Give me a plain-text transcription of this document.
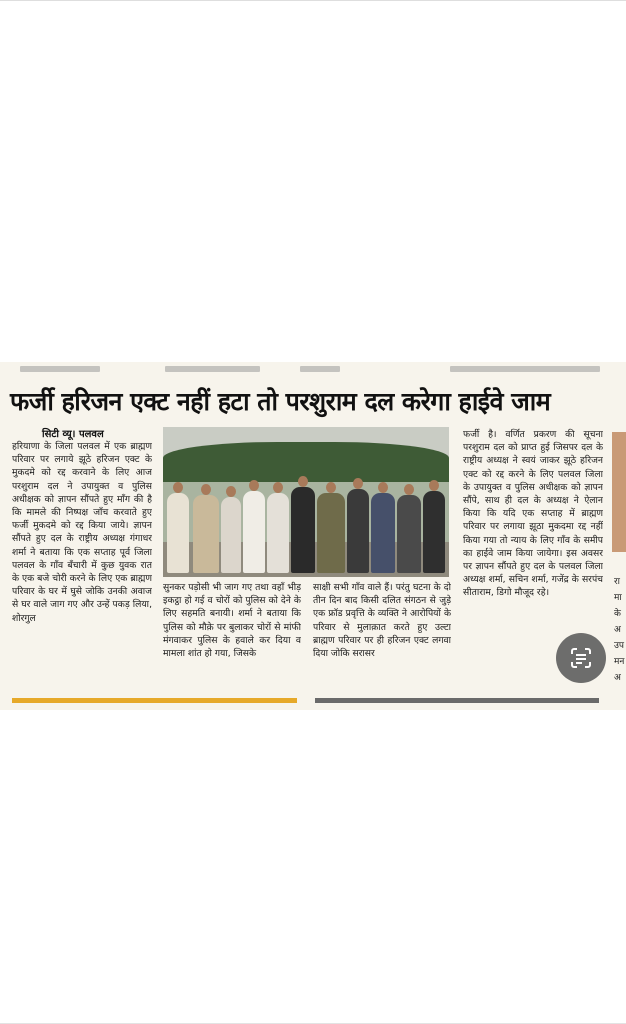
फर्जी हरिजन एक्ट नहीं हटा तो परशुराम दल करेगा हाईवे जाम
सिटी व्यू। पलवल

हरियाणा के जिला पलवल में एक ब्राह्मण परिवार पर लगाये झूठे हरिजन एक्ट के मुकदमे को रद्द करवाने के लिए आज परशुराम दल ने उपायुक्त व पुलिस अधीक्षक को ज्ञापन सौंपते हुए माँग की है कि मामले की निष्पक्ष जाँच करवाते हुए फर्जी मुकदमे को रद्द किया जाये। ज्ञापन सौंपते हुए दल के राष्ट्रीय अध्यक्ष गंगाधर शर्मा ने बताया कि एक सप्ताह पूर्व जिला पलवल के गाँव बँचारी में कुछ युवक रात के एक बजे चोरी करने के लिए एक ब्राह्मण परिवार के घर में घुसे जोकि उनकी अवाज से घर वाले जाग गए और उन्हें पकड़ लिया, शोरगुल

सुनकर पड़ोसी भी जाग गए तथा वहाँ भीड़ इकट्ठा हो गई व चोरों को पुलिस को देने के लिए सहमति बनायी। शर्मा ने बताया कि पुलिस को मौक़े पर बुलाकर चोरों से मांफी मंगवाकर पुलिस के हवाले कर दिया व मामला शांत हो गया, जिसके

साक्षी सभी गाँव वाले हैं। परंतु घटना के दो तीन दिन बाद किसी दलित संगठन से जुड़े एक फ्रॉड प्रवृत्ति के व्यक्ति ने आरोपियों के परिवार से मुलाक़ात करते हुए उल्टा ब्राह्मण परिवार पर ही हरिजन एक्ट लगवा दिया जोकि सरासर

फर्जी है। वर्णित प्रकरण की सूचना परशुराम दल को प्राप्त हुई जिसपर दल के राष्ट्रीय अध्यक्ष ने स्वयं जाकर झूठे हरिजन एक्ट को रद्द करने के लिए पलवल जिला के उपायुक्त व पुलिस अधीक्षक को ज्ञापन सौंपे, साथ ही दल के अध्यक्ष ने ऐलान किया कि यदि एक सप्ताह में ब्राह्मण परिवार पर लगाया झूठा मुकदमा रद्द नहीं किया गया तो न्याय के लिए गाँव के समीप का हाईवे जाम किया जायेगा। इस अवसर पर ज्ञापन सौंपते हुए दल के पलवल जिला अध्यक्ष शर्मा, सचिन शर्मा, गजेंद्र के सरपंच सीताराम, डिगो मौजूद रहे।

रा मा के अ उप मन अ
